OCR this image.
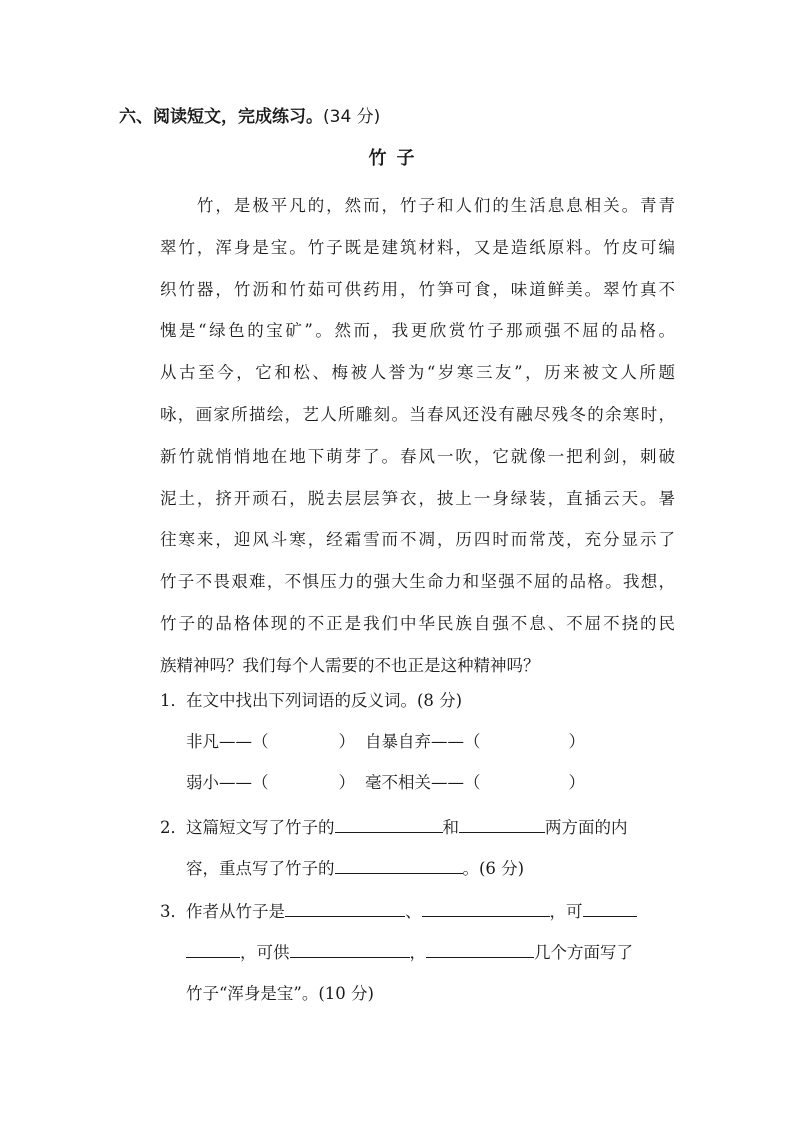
六、阅读短文，完成练习。(34 分)
竹子
　　竹，是极平凡的，然而，竹子和人们的生活息息相关。青青
翠竹，浑身是宝。竹子既是建筑材料，又是造纸原料。竹皮可编
织竹器，竹沥和竹茹可供药用，竹笋可食，味道鲜美。翠竹真不
愧是“绿色的宝矿”。然而，我更欣赏竹子那顽强不屈的品格。
从古至今，它和松、梅被人誉为“岁寒三友”，历来被文人所题
咏，画家所描绘，艺人所雕刻。当春风还没有融尽残冬的余寒时，
新竹就悄悄地在地下萌芽了。春风一吹，它就像一把利剑，刺破
泥土，挤开顽石，脱去层层笋衣，披上一身绿装，直插云天。暑
往寒来，迎风斗寒，经霜雪而不凋，历四时而常茂，充分显示了
竹子不畏艰难，不惧压力的强大生命力和坚强不屈的品格。我想，
竹子的品格体现的不正是我们中华民族自强不息、不屈不挠的民
族精神吗？我们每个人需要的不也正是这种精神吗？
1．在文中找出下列词语的反义词。(8 分)
非凡——（	） 自暴自弃——（	）
弱小——（	） 毫不相关——（	）
2．这篇短文写了竹子的	和	两方面的内
容，重点写了竹子的	。(6 分)
3．作者从竹子是	、	，可
，可供	，	几个方面写了
竹子“浑身是宝”。(10 分)
